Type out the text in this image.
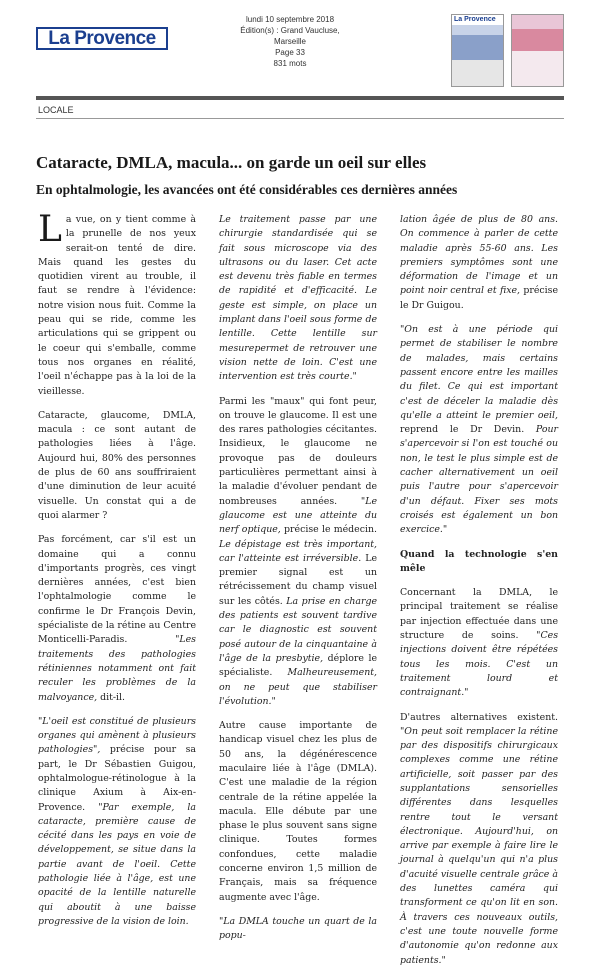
La Provence
lundi 10 septembre 2018
Édition(s) : Grand Vaucluse, Marseille
Page 33
831 mots
La Provence
LOCALE
Cataracte, DMLA, macula... on garde un oeil sur elles
En ophtalmologie, les avancées ont été considérables ces dernières années

La vue, on y tient comme à la prunelle de nos yeux serait-on tenté de dire. Mais quand les gestes du quotidien virent au trouble, il faut se rendre à l'évidence: notre vision nous fuit. Comme la peau qui se ride, comme les articulations qui se grippent ou le coeur qui s'emballe, comme tous nos organes en réalité, l'oeil n'échappe pas à la loi de la vieillesse.

Cataracte, glaucome, DMLA, macula : ce sont autant de pathologies liées à l'âge. Aujourd hui, 80% des personnes de plus de 60 ans souffriraient d'une diminution de leur acuité visuelle. Un constat qui a de quoi alarmer ?

Pas forcément, car s'il est un domaine qui a connu d'importants progrès, ces vingt dernières années, c'est bien l'ophtalmologie comme le confirme le Dr François Devin, spécialiste de la rétine au Centre Monticelli-Paradis.	"Les traitements des pathologies rétiniennes notamment ont fait reculer les problèmes de la malvoyance, dit-il.

"L'oeil est constitué de plusieurs organes qui amènent à plusieurs pathologies", précise pour sa part, le Dr Sébastien Guigou, ophtalmologue-rétinologue à la clinique Axium à Aix-en-Provence. "Par exemple, la cataracte, première cause de cécité dans les pays en voie de développement, se situe dans la partie avant de l'oeil. Cette pathologie liée à l'âge, est une opacité de la lentille naturelle qui aboutit à une baisse progressive de la vision de loin.

Le traitement passe par une chirurgie standardisée qui se fait sous microscope via des ultrasons ou du laser. Cet acte est devenu très fiable en termes de rapidité et d'efficacité. Le geste est simple, on place un implant dans l'oeil sous forme de lentille. Cette lentille sur mesurepermet de retrouver une vision nette de loin. C'est une intervention est très courte."

Parmi les "maux" qui font peur, on trouve le glaucome. Il est une des rares pathologies cécitantes. Insidieux, le glaucome ne provoque pas de douleurs particulières permettant ainsi à la maladie d'évoluer pendant de nombreuses années.	"Le glaucome est une atteinte du nerf optique, précise le médecin. Le dépistage est très important, car l'atteinte est irréversible. Le premier signal est un rétrécissement du champ visuel sur les côtés. La prise en charge des patients est souvent tardive car le diagnostic est souvent posé autour de la cinquantaine à l'âge de la presbytie, déplore le spécialiste. Malheureusement, on ne peut que stabiliser l'évolution."

Autre cause importante de handicap visuel chez les plus de 50 ans, la dégénérescence maculaire liée à l'âge (DMLA). C'est une maladie de la région centrale de la rétine appelée la macula. Elle débute par une phase le plus souvent sans signe clinique. Toutes formes confondues, cette maladie concerne environ 1,5 million de Français, mais sa fréquence augmente avec l'âge.

"La DMLA touche un quart de la popu-

lation âgée de plus de 80 ans. On commence à parler de cette maladie après 55-60 ans. Les premiers symptômes sont une déformation de l'image et un point noir central et fixe, précise le Dr Guigou.

"On est à une période qui permet de stabiliser le nombre de malades, mais certains passent encore entre les mailles du filet. Ce qui est important c'est de déceler la maladie dès qu'elle a atteint le premier oeil, reprend le Dr Devin. Pour s'apercevoir si l'on est touché ou non, le test le plus simple est de cacher alternativement un oeil puis l'autre pour s'apercevoir d'un défaut. Fixer ses mots croisés est également un bon exercice."

Quand la technologie s'en mêle

Concernant la DMLA, le principal traitement se réalise par injection effectuée dans une structure de soins. "Ces injections doivent être répétées tous les mois. C'est un traitement lourd et contraignant."

D'autres alternatives existent. "On peut soit remplacer la rétine par des dispositifs chirurgicaux complexes comme une rétine artificielle, soit passer par des supplantations sensorielles différentes dans lesquelles rentre tout le versant électronique. Aujourd'hui, on arrive par exemple à faire lire le journal à quelqu'un qui n'a plus d'acuité visuelle centrale grâce à des lunettes caméra qui transforment ce qu'on lit en son. À travers ces nouveaux outils, c'est une toute nouvelle forme d'autonomie qu'on redonne aux patients."
